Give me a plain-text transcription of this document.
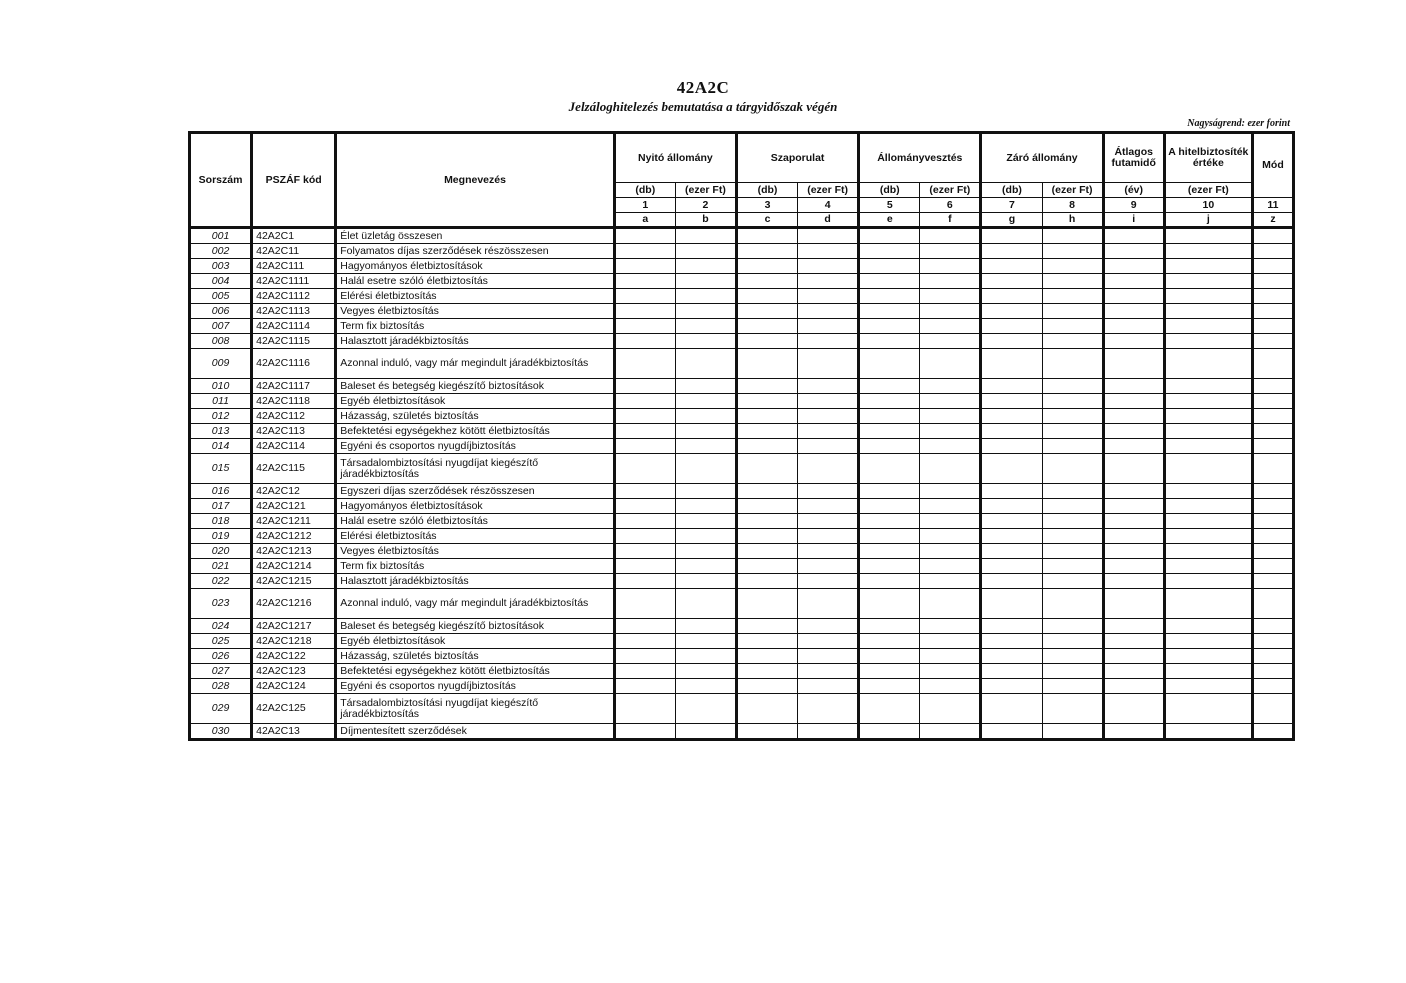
42A2C
Jelzáloghitelezés bemutatása a tárgyidőszak végén
Nagyságrend: ezer forint
Sorszám	PSZÁF kód	Megnevezés	Nyitó állomány		Szaporulat		Állományvesztés		Záró állomány		Átlagos futamidő	A hitelbiztosíték értéke	Mód
			(db)	(ezer Ft)	(db)	(ezer Ft)	(db)	(ezer Ft)	(db)	(ezer Ft)	(év)	(ezer Ft)	
			1	2	3	4	5	6	7	8	9	10	11
			a	b	c	d	e	f	g	h	i	j	z
001	42A2C1	Élet üzletág összesen											
002	42A2C11	Folyamatos díjas szerződések részösszesen											
003	42A2C111	Hagyományos életbiztosítások											
004	42A2C1111	Halál esetre szóló életbiztosítás											
005	42A2C1112	Elérési életbiztosítás											
006	42A2C1113	Vegyes életbiztosítás											
007	42A2C1114	Term fix biztosítás											
008	42A2C1115	Halasztott járadékbiztosítás											
009	42A2C1116	Azonnal induló, vagy már megindult járadékbiztosítás											
010	42A2C1117	Baleset és betegség kiegészítő biztosítások											
011	42A2C1118	Egyéb életbiztosítások											
012	42A2C112	Házasság, születés biztosítás											
013	42A2C113	Befektetési egységekhez kötött életbiztosítás											
014	42A2C114	Egyéni és csoportos nyugdíjbiztosítás											
015	42A2C115	Társadalombiztosítási nyugdíjat kiegészítő járadékbiztosítás											
016	42A2C12	Egyszeri díjas szerződések részösszesen											
017	42A2C121	Hagyományos életbiztosítások											
018	42A2C1211	Halál esetre szóló életbiztosítás											
019	42A2C1212	Elérési életbiztosítás											
020	42A2C1213	Vegyes életbiztosítás											
021	42A2C1214	Term fix biztosítás											
022	42A2C1215	Halasztott járadékbiztosítás											
023	42A2C1216	Azonnal induló, vagy már megindult járadékbiztosítás											
024	42A2C1217	Baleset és betegség kiegészítő biztosítások											
025	42A2C1218	Egyéb életbiztosítások											
026	42A2C122	Házasság, születés biztosítás											
027	42A2C123	Befektetési egységekhez kötött életbiztosítás											
028	42A2C124	Egyéni és csoportos nyugdíjbiztosítás											
029	42A2C125	Társadalombiztosítási nyugdíjat kiegészítő járadékbiztosítás											
030	42A2C13	Díjmentesített szerződések											
